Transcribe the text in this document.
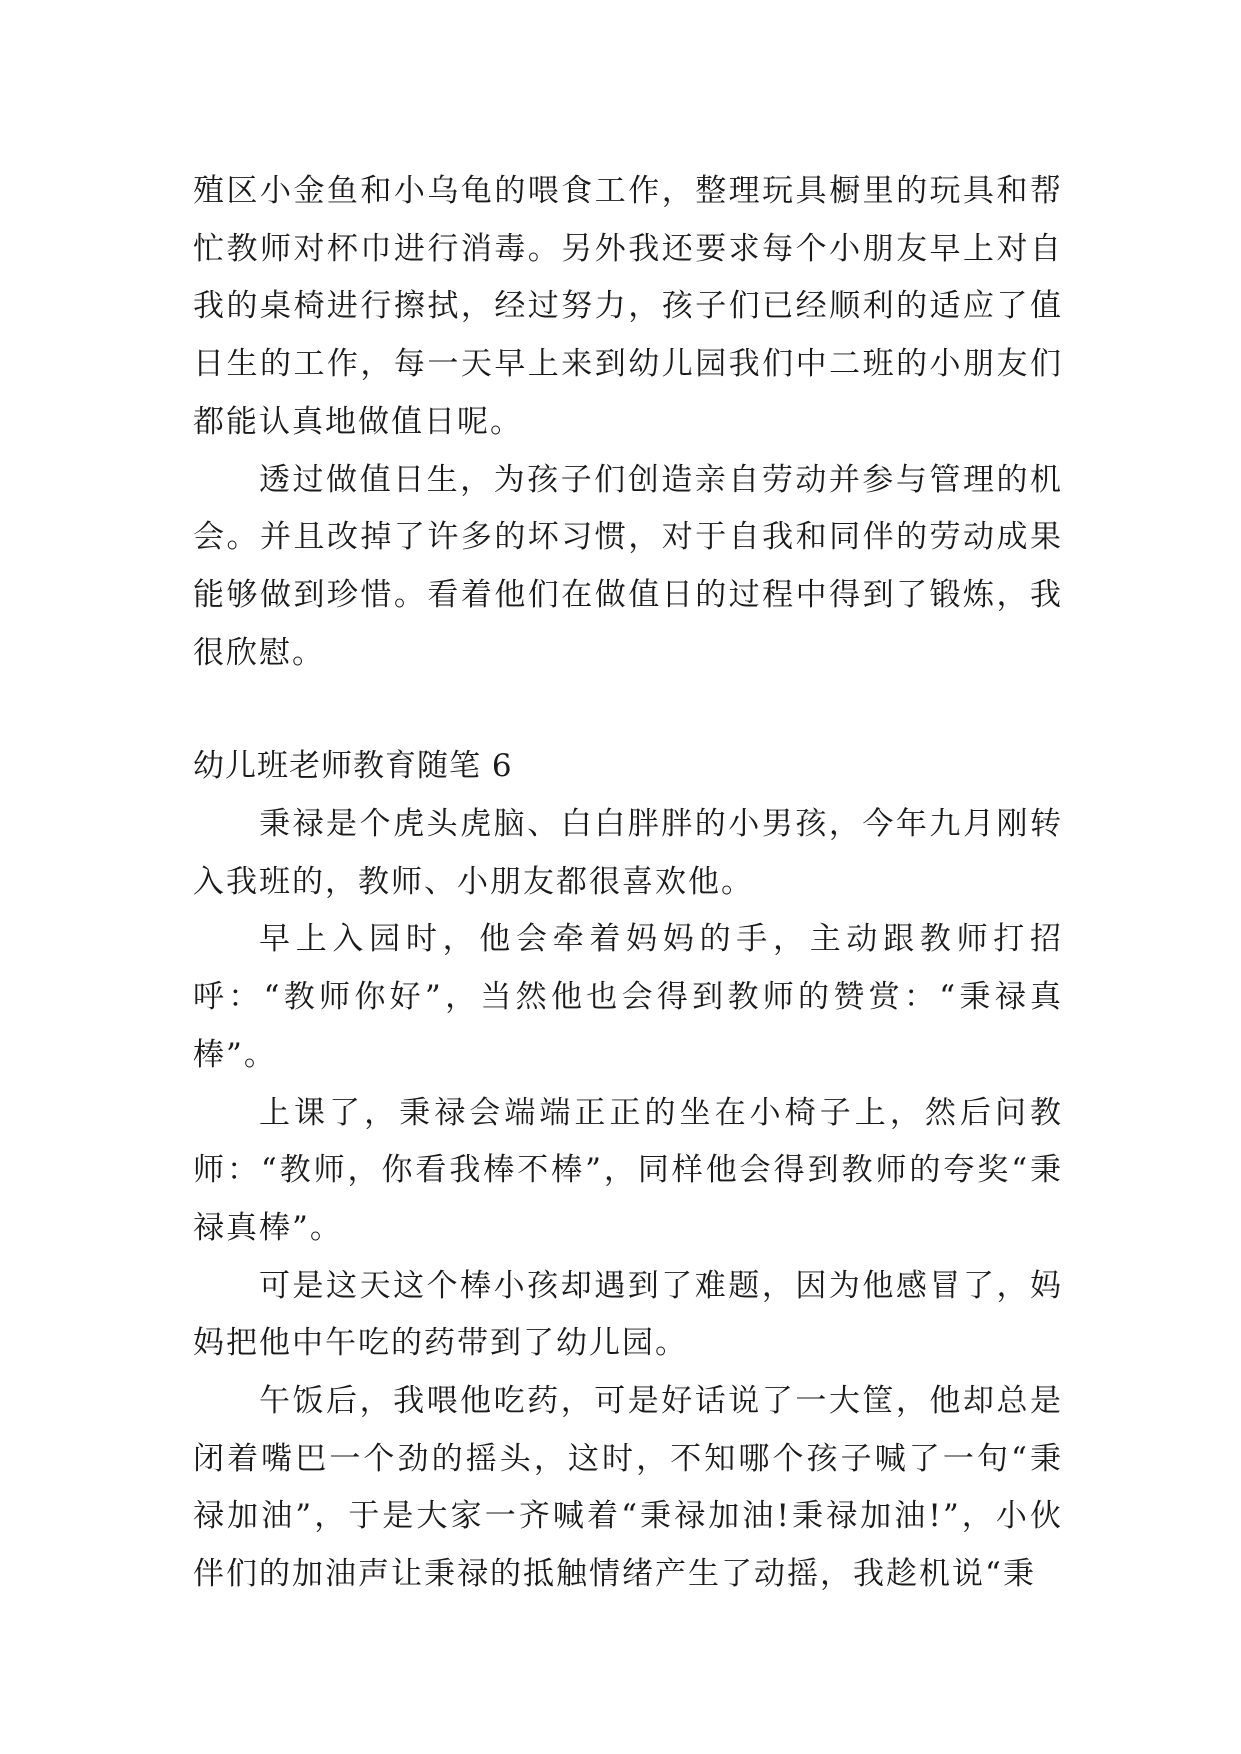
殖区小金鱼和小乌龟的喂食工作，整理玩具橱里的玩具和帮忙教师对杯巾进行消毒。另外我还要求每个小朋友早上对自我的桌椅进行擦拭，经过努力，孩子们已经顺利的适应了值日生的工作，每一天早上来到幼儿园我们中二班的小朋友们都能认真地做值日呢。

透过做值日生，为孩子们创造亲自劳动并参与管理的机会。并且改掉了许多的坏习惯，对于自我和同伴的劳动成果能够做到珍惜。看着他们在做值日的过程中得到了锻炼，我很欣慰。

幼儿班老师教育随笔 6

秉禄是个虎头虎脑、白白胖胖的小男孩，今年九月刚转入我班的，教师、小朋友都很喜欢他。

早上入园时，他会牵着妈妈的手，主动跟教师打招呼：“教师你好”，当然他也会得到教师的赞赏：“秉禄真棒”。

上课了，秉禄会端端正正的坐在小椅子上，然后问教师：“教师，你看我棒不棒”，同样他会得到教师的夸奖“秉禄真棒”。

可是这天这个棒小孩却遇到了难题，因为他感冒了，妈妈把他中午吃的药带到了幼儿园。

午饭后，我喂他吃药，可是好话说了一大筐，他却总是闭着嘴巴一个劲的摇头，这时，不知哪个孩子喊了一句“秉禄加油”，于是大家一齐喊着“秉禄加油!秉禄加油!”，小伙伴们的加油声让秉禄的抵触情绪产生了动摇，我趁机说“秉
